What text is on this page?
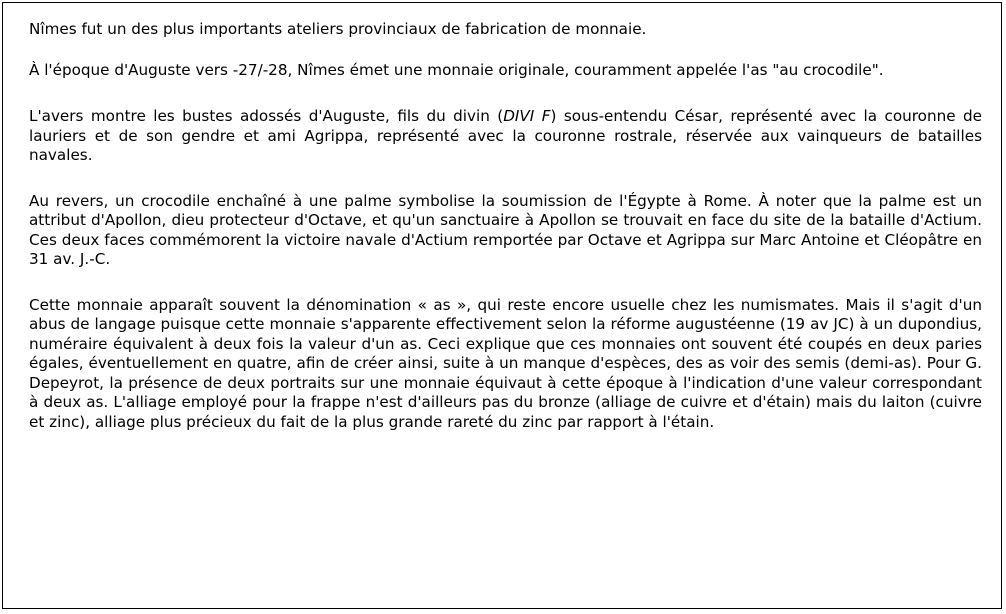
Nîmes fut un des plus importants ateliers provinciaux de fabrication de monnaie.

À l'époque d'Auguste vers -27/-28, Nîmes émet une monnaie originale, couramment appelée l'as "au crocodile".

L'avers montre les bustes adossés d'Auguste, fils du divin (DIVI F) sous-entendu César, représenté avec la couronne de lauriers et de son gendre et ami Agrippa, représenté avec la couronne rostrale, réservée aux vainqueurs de batailles navales.

Au revers, un crocodile enchaîné à une palme symbolise la soumission de l'Égypte à Rome. À noter que la palme est un attribut d'Apollon, dieu protecteur d'Octave, et qu'un sanctuaire à Apollon se trouvait en face du site de la bataille d'Actium. Ces deux faces commémorent la victoire navale d'Actium remportée par Octave et Agrippa sur Marc Antoine et Cléopâtre en 31 av. J.-C.

Cette monnaie apparaît souvent la dénomination « as », qui reste encore usuelle chez les numismates. Mais il s'agit d'un abus de langage puisque cette monnaie s'apparente effectivement selon la réforme augustéenne (19 av JC) à un dupondius, numéraire équivalent à deux fois la valeur d'un as. Ceci explique que ces monnaies ont souvent été coupés en deux paries égales, éventuellement en quatre, afin de créer ainsi, suite à un manque d'espèces, des as voir des semis (demi-as). Pour G. Depeyrot, la présence de deux portraits sur une monnaie équivaut à cette époque à l'indication d'une valeur correspondant à deux as. L'alliage employé pour la frappe n'est d'ailleurs pas du bronze (alliage de cuivre et d'étain) mais du laiton (cuivre et zinc), alliage plus précieux du fait de la plus grande rareté du zinc par rapport à l'étain.
